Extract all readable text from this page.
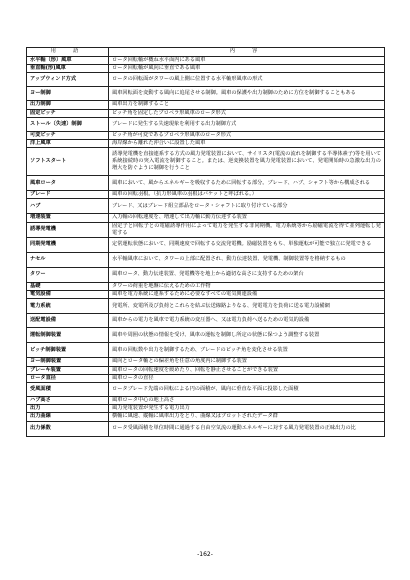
用　語	内　容
水平軸（形）風車	ロータ回転軸が概ね水平面内にある風車
垂直軸(形)風車	ロータ回転軸が風向に垂直である風車
アップウィンド方式	ロータの回転面がタワーの風上側に位置する水平軸形風車の形式
ヨー制御	風車回転面を変動する風向に追尾させる制御。風車の保護や出力制御のために方位を制御することもある
出力制御	風車出力を制御すること
固定ピッチ	ピッチ角を固定したプロペラ形風車のロータ形式
ストール（失速）制御	ブレードに発生する失速現象を利用する出力制御方式
可変ピッチ	ピッチ角が可変であるプロペラ形風車のロータ形式
洋上風車	海岸線から離れた沖合いに設置した風車
ソフトスタート	誘導発電機を直接連系する方式の風力発電装置において、サイリスタ(電流の流れを制御する半導体素子)等を用いて系統接続時の突入電流を制御すること。または、逆変換装置を風力発電装置において、発電開始時の急激な出力の増大を防ぐように制御を行うこと
風車ロータ	風車において、風からエネルギーを吸収するために回転する部分。ブレード、ハブ、シャフト等から構成される
ブレード	風車の回転羽根。（抗力形風車の羽根はバケットと呼ばれる。）
ハブ	ブレード、又はブレード組立部品をロータ・シャフトに取り付けている部分
増速装置	入力軸の回転速度を、増速して出力軸に動力伝達する装置
誘導発電機	固定子と回転子との電磁誘導作用によって電力を発生する非同期機。電力系統等から励磁電流を得て並列運転し発電する
同期発電機	定常運転状態において、同期速度で回転する交流発電機。励磁装置をもち、単独運転が可能で独立に発電できる
ナセル	水平軸風車において、タワーの上部に配置され、動力伝達装置、発電機、制御装置等を格納するもの
タワー	風車ロータ、動力伝達装置、発電機等を地上から適切な高さに支持するための架台
基礎	タワーの荷重を地盤に伝えるための工作物
電気設備	風車を電力系統に連系するために必要なすべての電気関連設備
電力系統	発電所、変電所及び負荷とこれらを結ぶ伝送線路よりなる、発電電力を負荷に送る電力設備網
送配電設備	風車からの電力を風車で電力系統の変圧器へ、又は電力負荷へ送るための電気的設備
運転制御装置	風車や周囲の状態の情報を受け、風車の運転を制御し所定の状態に保つよう調整する装置
ピッチ制御装置	風車の回転数や出力を制御するため、ブレードのピッチ角を変化させる装置
ヨー制御装置	風向とロータ軸との偏差角を任意の角度内に制御する装置
ブレーキ装置	風車ロータの回転速度を緩めたり、回転を静止させることができる装置
ロータ直径	風車ロータの直径
受風面積	ロータブレード先端の回転による円の面積が、風向に垂直な平面に投影した面積
ハブ高さ	風車ロータ中心の地上高さ
出力	風力発電装置が発生する電力出力
出力曲線	横軸に風速、縦軸に風車出力をとり、曲線又はプロットされたデータ群
出力係数	ロータ受風面積を単位時間に通過する自由空気流の運動エネルギーに対する風力発電装置の正味出力の比
-162-
